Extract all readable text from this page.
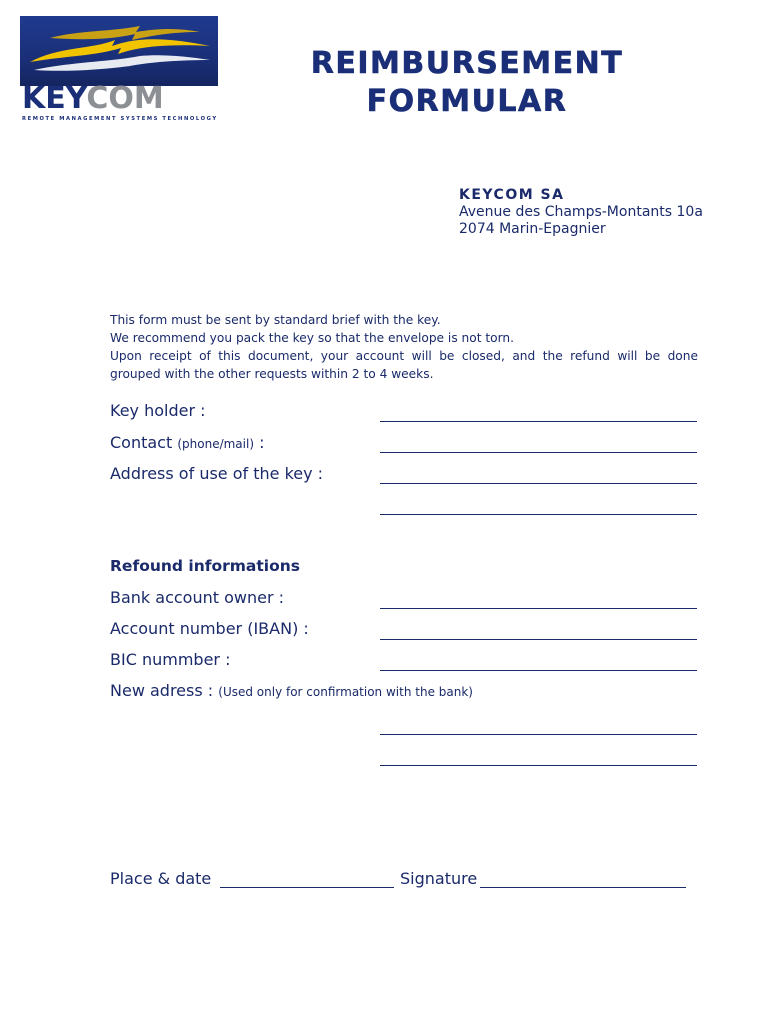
KEYCOM
REMOTE MANAGEMENT SYSTEMS TECHNOLOGY
REIMBURSEMENT
FORMULAR
KEYCOM SA
Avenue des Champs-Montants 10a
2074 Marin-Epagnier

This form must be sent by standard brief with the key.

We recommend you pack the key so that the envelope is not torn.

Upon receipt of this document, your account will be closed, and the refund will be done grouped with the other requests within 2 to 4 weeks.

Key holder :
Contact (phone/mail) :
Address of use of the key :
Refound informations
Bank account owner :
Account number (IBAN) :
BIC nummber :
New adress : (Used only for confirmation with the bank)
Place & date	Signature
